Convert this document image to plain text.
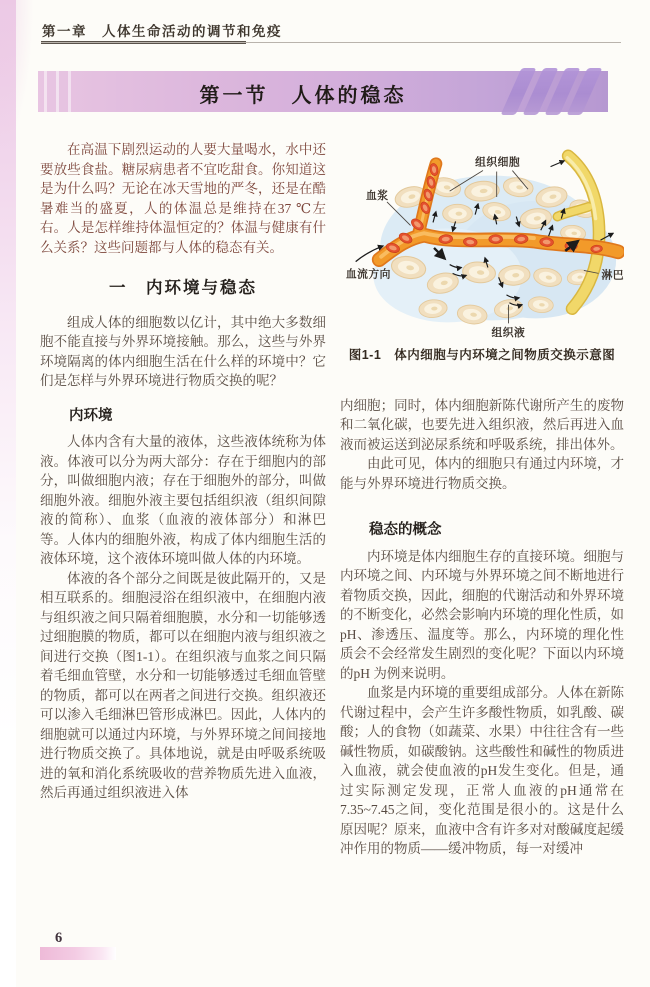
第一章　人体生命活动的调节和免疫
第一节　人体的稳态

在高温下剧烈运动的人要大量喝水，水中还要放些食盐。糖尿病患者不宜吃甜食。你知道这是为什么吗？无论在冰天雪地的严冬，还是在酷暑难当的盛夏，人的体温总是维持在37 ℃左右。人是怎样维持体温恒定的？体温与健康有什么关系？这些问题都与人体的稳态有关。

一　内环境与稳态

组成人体的细胞数以亿计，其中绝大多数细胞不能直接与外界环境接触。那么，这些与外界环境隔离的体内细胞生活在什么样的环境中？它们是怎样与外界环境进行物质交换的呢？

内环境

人体内含有大量的液体，这些液体统称为体液。体液可以分为两大部分：存在于细胞内的部分，叫做细胞内液；存在于细胞外的部分，叫做细胞外液。细胞外液主要包括组织液（组织间隙液的简称）、血浆（血液的液体部分）和淋巴等。人体内的细胞外液，构成了体内细胞生活的液体环境，这个液体环境叫做人体的内环境。

体液的各个部分之间既是彼此隔开的，又是相互联系的。细胞浸浴在组织液中，在细胞内液与组织液之间只隔着细胞膜，水分和一切能够透过细胞膜的物质，都可以在细胞内液与组织液之间进行交换（图1-1）。在组织液与血浆之间只隔着毛细血管壁，水分和一切能够透过毛细血管壁的物质，都可以在两者之间进行交换。组织液还可以渗入毛细淋巴管形成淋巴。因此，人体内的细胞就可以通过内环境，与外界环境之间间接地进行物质交换了。具体地说，就是由呼吸系统吸进的氧和消化系统吸收的营养物质先进入血液，然后再通过组织液进入体

组织细胞
血浆
血流方向	淋巴
组织液
图1-1　体内细胞与内环境之间物质交换示意图

内细胞；同时，体内细胞新陈代谢所产生的废物和二氧化碳，也要先进入组织液，然后再进入血液而被运送到泌尿系统和呼吸系统，排出体外。

由此可见，体内的细胞只有通过内环境，才能与外界环境进行物质交换。

稳态的概念

内环境是体内细胞生存的直接环境。细胞与内环境之间、内环境与外界环境之间不断地进行着物质交换，因此，细胞的代谢活动和外界环境的不断变化，必然会影响内环境的理化性质，如pH、渗透压、温度等。那么，内环境的理化性质会不会经常发生剧烈的变化呢？下面以内环境的pH 为例来说明。

血浆是内环境的重要组成部分。人体在新陈代谢过程中，会产生许多酸性物质，如乳酸、碳酸；人的食物（如蔬菜、水果）中往往含有一些碱性物质，如碳酸钠。这些酸性和碱性的物质进入血液，就会使血液的pH发生变化。但是，通过实际测定发现，正常人血液的pH通常在7.35~7.45之间，变化范围是很小的。这是什么原因呢？原来，血液中含有许多对对酸碱度起缓冲作用的物质——缓冲物质，每一对缓冲

6
